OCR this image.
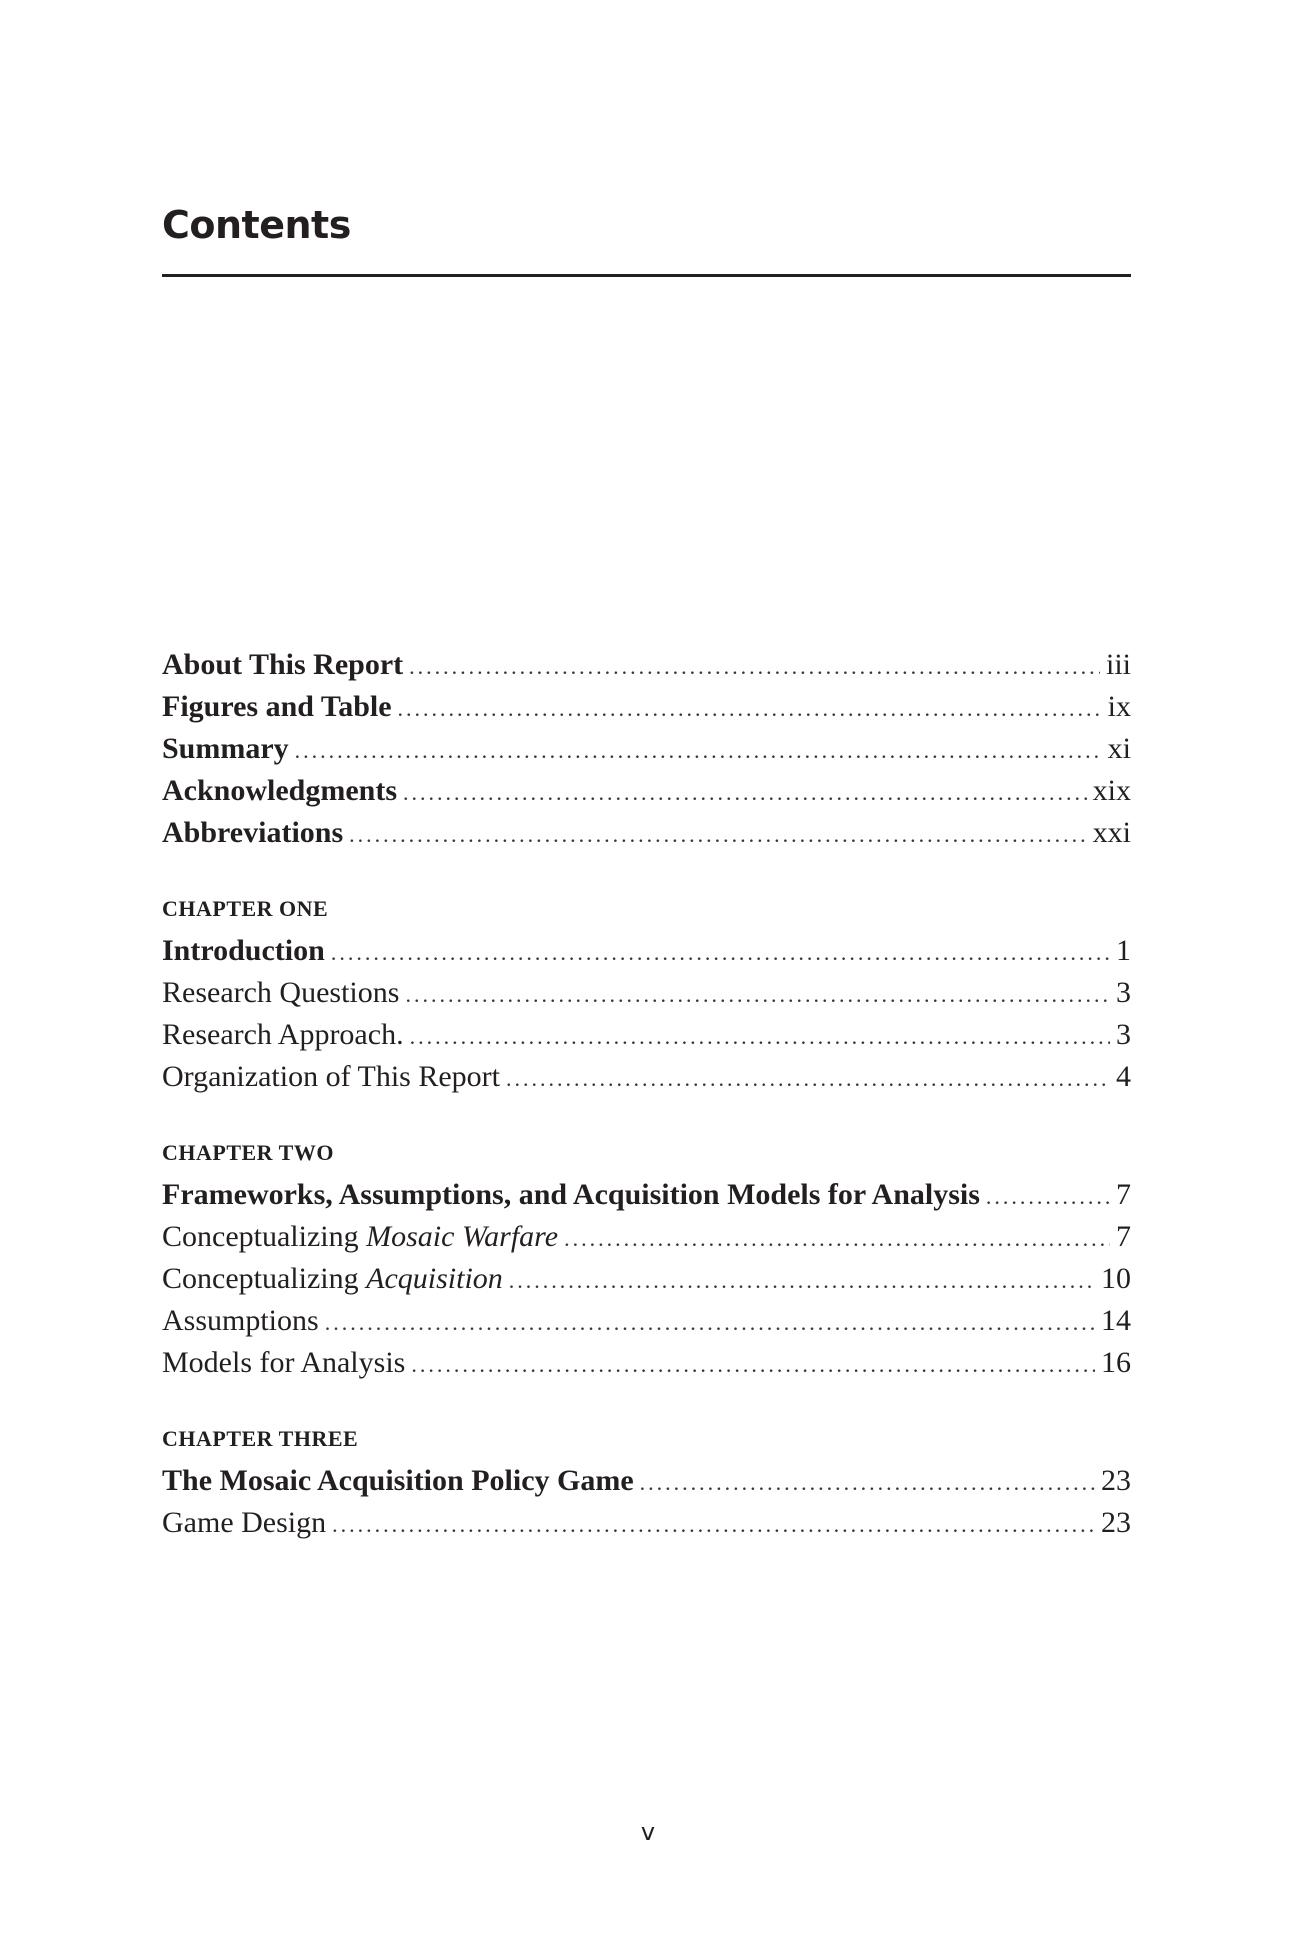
Contents
About This Report .....	iii
Figures and Table .....	ix
Summary .....	xi
Acknowledgments .....	xix
Abbreviations .....	xxi
CHAPTER ONE
Introduction .....	1
Research Questions .....	3
Research Approach. .....	3
Organization of This Report .....	4
CHAPTER TWO
Frameworks, Assumptions, and Acquisition Models for Analysis .....	7
Conceptualizing Mosaic Warfare .....	7
Conceptualizing Acquisition .....	10
Assumptions .....	14
Models for Analysis .....	16
CHAPTER THREE
The Mosaic Acquisition Policy Game .....	23
Game Design .....	23
v
